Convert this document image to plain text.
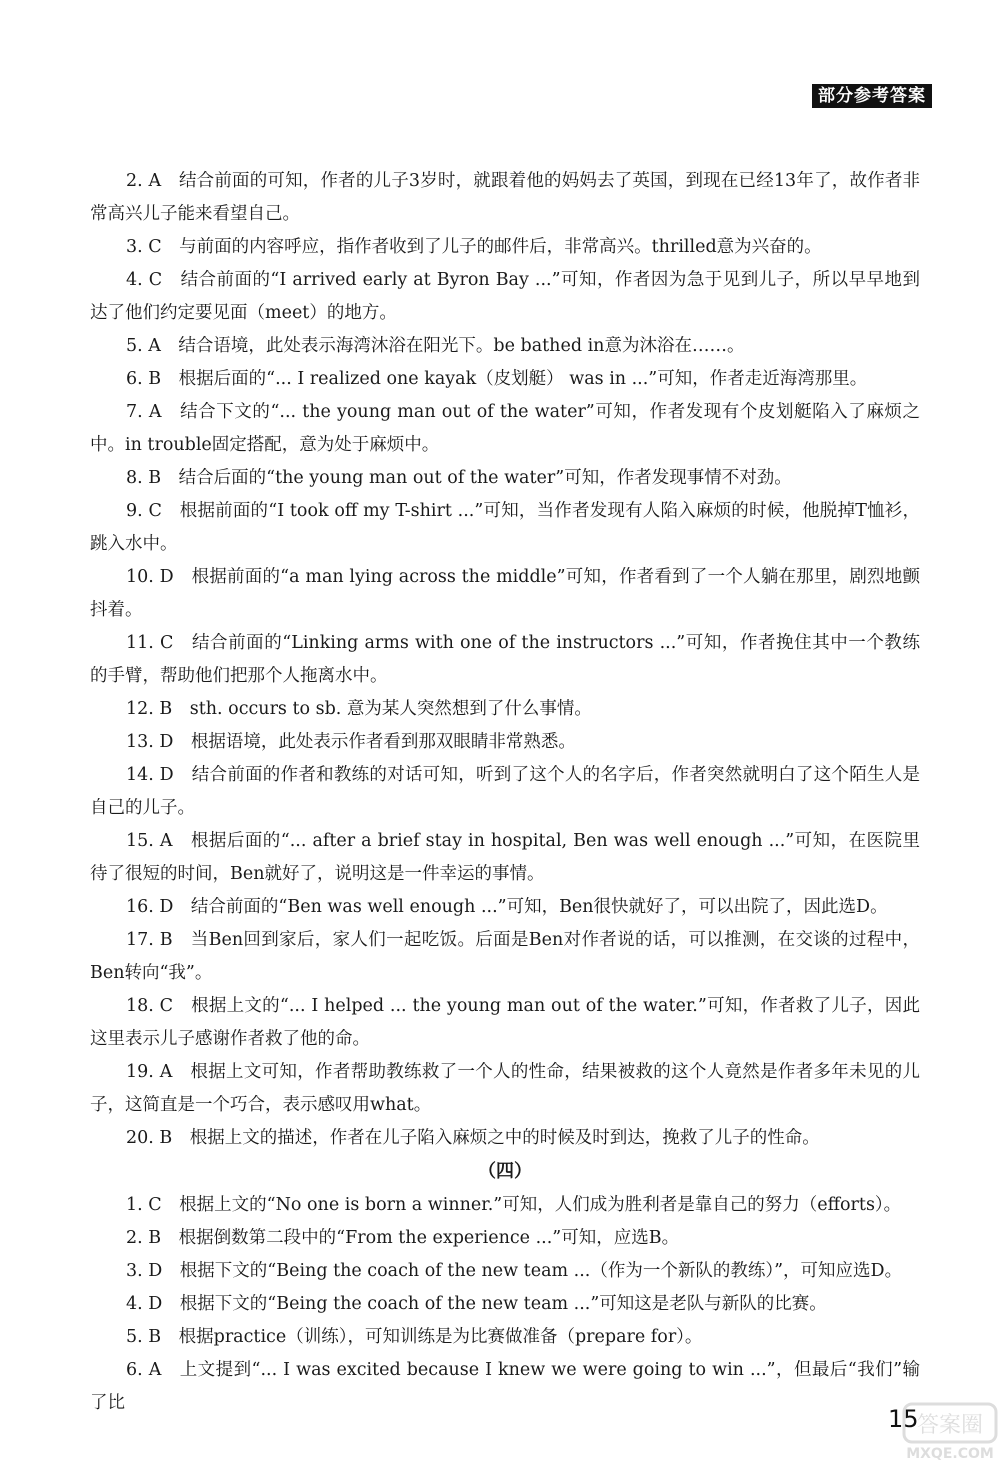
部分参考答案

2. A　结合前面的可知，作者的儿子3岁时，就跟着他的妈妈去了英国，到现在已经13年了，故作者非常高兴儿子能来看望自己。

3. C　与前面的内容呼应，指作者收到了儿子的邮件后，非常高兴。thrilled意为兴奋的。

4. C　结合前面的“I arrived early at Byron Bay ...”可知，作者因为急于见到儿子，所以早早地到达了他们约定要见面（meet）的地方。

5. A　结合语境，此处表示海湾沐浴在阳光下。be bathed in意为沐浴在……。

6. B　根据后面的“... I realized one kayak（皮划艇） was in ...”可知，作者走近海湾那里。

7. A　结合下文的“... the young man out of the water”可知，作者发现有个皮划艇陷入了麻烦之中。in trouble固定搭配，意为处于麻烦中。

8. B　结合后面的“the young man out of the water”可知，作者发现事情不对劲。

9. C　根据前面的“I took off my T-shirt ...”可知，当作者发现有人陷入麻烦的时候，他脱掉T恤衫，跳入水中。

10. D　根据前面的“a man lying across the middle”可知，作者看到了一个人躺在那里，剧烈地颤抖着。

11. C　结合前面的“Linking arms with one of the instructors ...”可知，作者挽住其中一个教练的手臂，帮助他们把那个人拖离水中。

12. B　sth. occurs to sb. 意为某人突然想到了什么事情。

13. D　根据语境，此处表示作者看到那双眼睛非常熟悉。

14. D　结合前面的作者和教练的对话可知，听到了这个人的名字后，作者突然就明白了这个陌生人是自己的儿子。

15. A　根据后面的“... after a brief stay in hospital, Ben was well enough ...”可知，在医院里待了很短的时间，Ben就好了，说明这是一件幸运的事情。

16. D　结合前面的“Ben was well enough ...”可知，Ben很快就好了，可以出院了，因此选D。

17. B　当Ben回到家后，家人们一起吃饭。后面是Ben对作者说的话，可以推测，在交谈的过程中，Ben转向“我”。

18. C　根据上文的“... I helped ... the young man out of the water.”可知，作者救了儿子，因此这里表示儿子感谢作者救了他的命。

19. A　根据上文可知，作者帮助教练救了一个人的性命，结果被救的这个人竟然是作者多年未见的儿子，这简直是一个巧合，表示感叹用what。

20. B　根据上文的描述，作者在儿子陷入麻烦之中的时候及时到达，挽救了儿子的性命。

（四）

1. C　根据上文的“No one is born a winner.”可知，人们成为胜利者是靠自己的努力（efforts）。

2. B　根据倒数第二段中的“From the experience ...”可知，应选B。

3. D　根据下文的“Being the coach of the new team ...（作为一个新队的教练）”，可知应选D。

4. D　根据下文的“Being the coach of the new team ...”可知这是老队与新队的比赛。

5. B　根据practice（训练），可知训练是为比赛做准备（prepare for）。

6. A　上文提到“... I was excited because I knew we were going to win ...”，但最后“我们”输了比

15
答案圈
MXQE.COM
